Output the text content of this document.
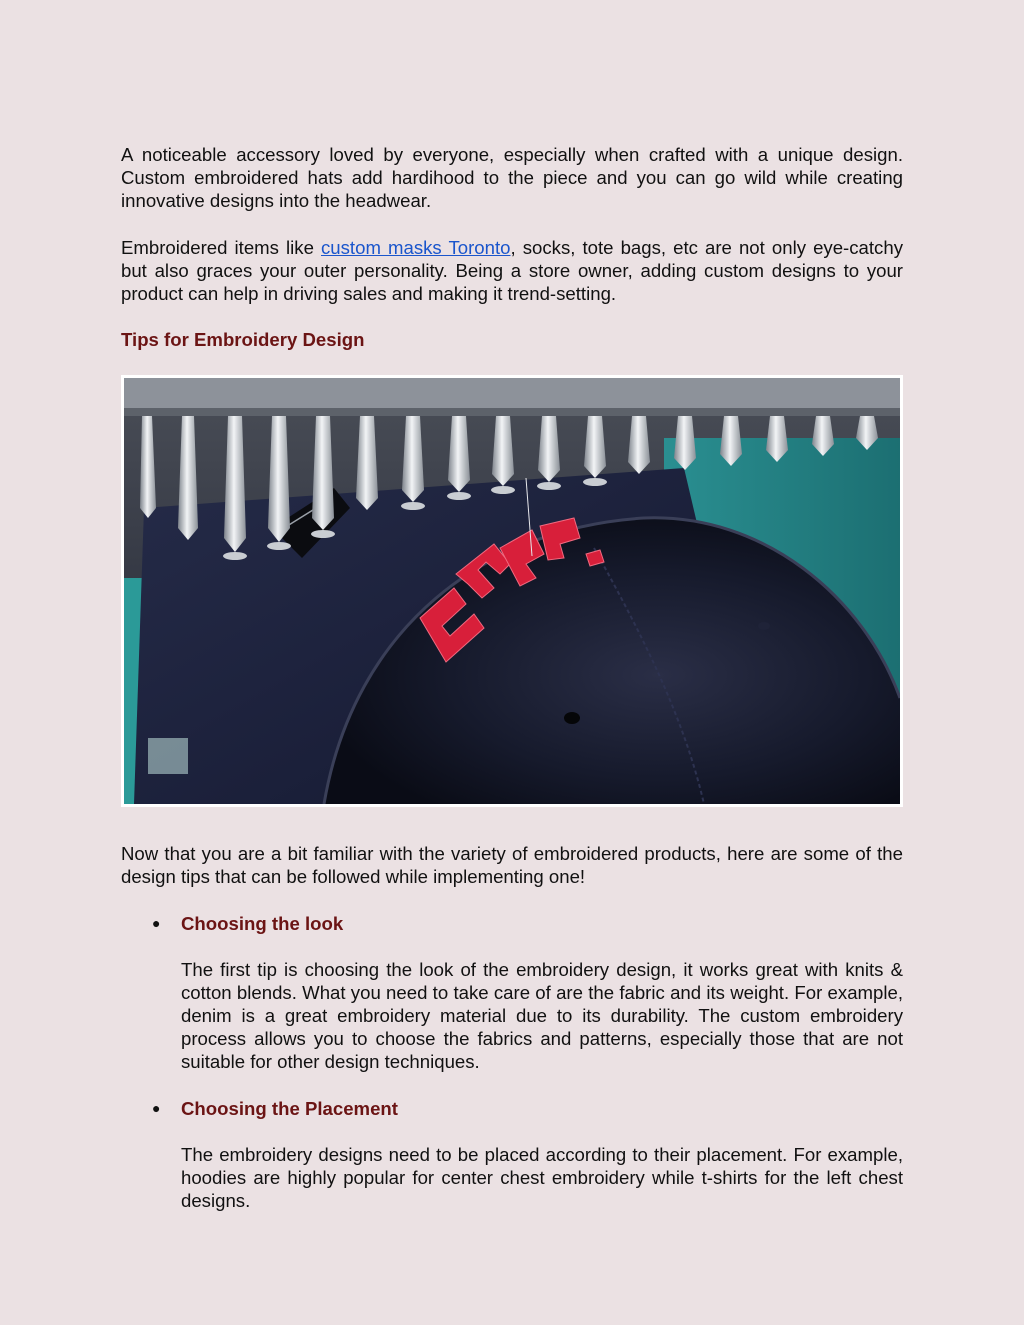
A noticeable accessory loved by everyone, especially when crafted with a unique design. Custom embroidered hats add hardihood to the piece and you can go wild while creating innovative designs into the headwear.

Embroidered items like custom masks Toronto, socks, tote bags, etc are not only eye-catchy but also graces your outer personality. Being a store owner, adding custom designs to your product can help in driving sales and making it trend-setting.

Tips for Embroidery Design

Now that you are a bit familiar with the variety of embroidered products, here are some of the design tips that can be followed while implementing one!

● Choosing the look

The first tip is choosing the look of the embroidery design, it works great with knits & cotton blends. What you need to take care of are the fabric and its weight. For example, denim is a great embroidery material due to its durability. The custom embroidery process allows you to choose the fabrics and patterns, especially those that are not suitable for other design techniques.

● Choosing the Placement

The embroidery designs need to be placed according to their placement. For example, hoodies are highly popular for center chest embroidery while t-shirts for the left chest designs.
